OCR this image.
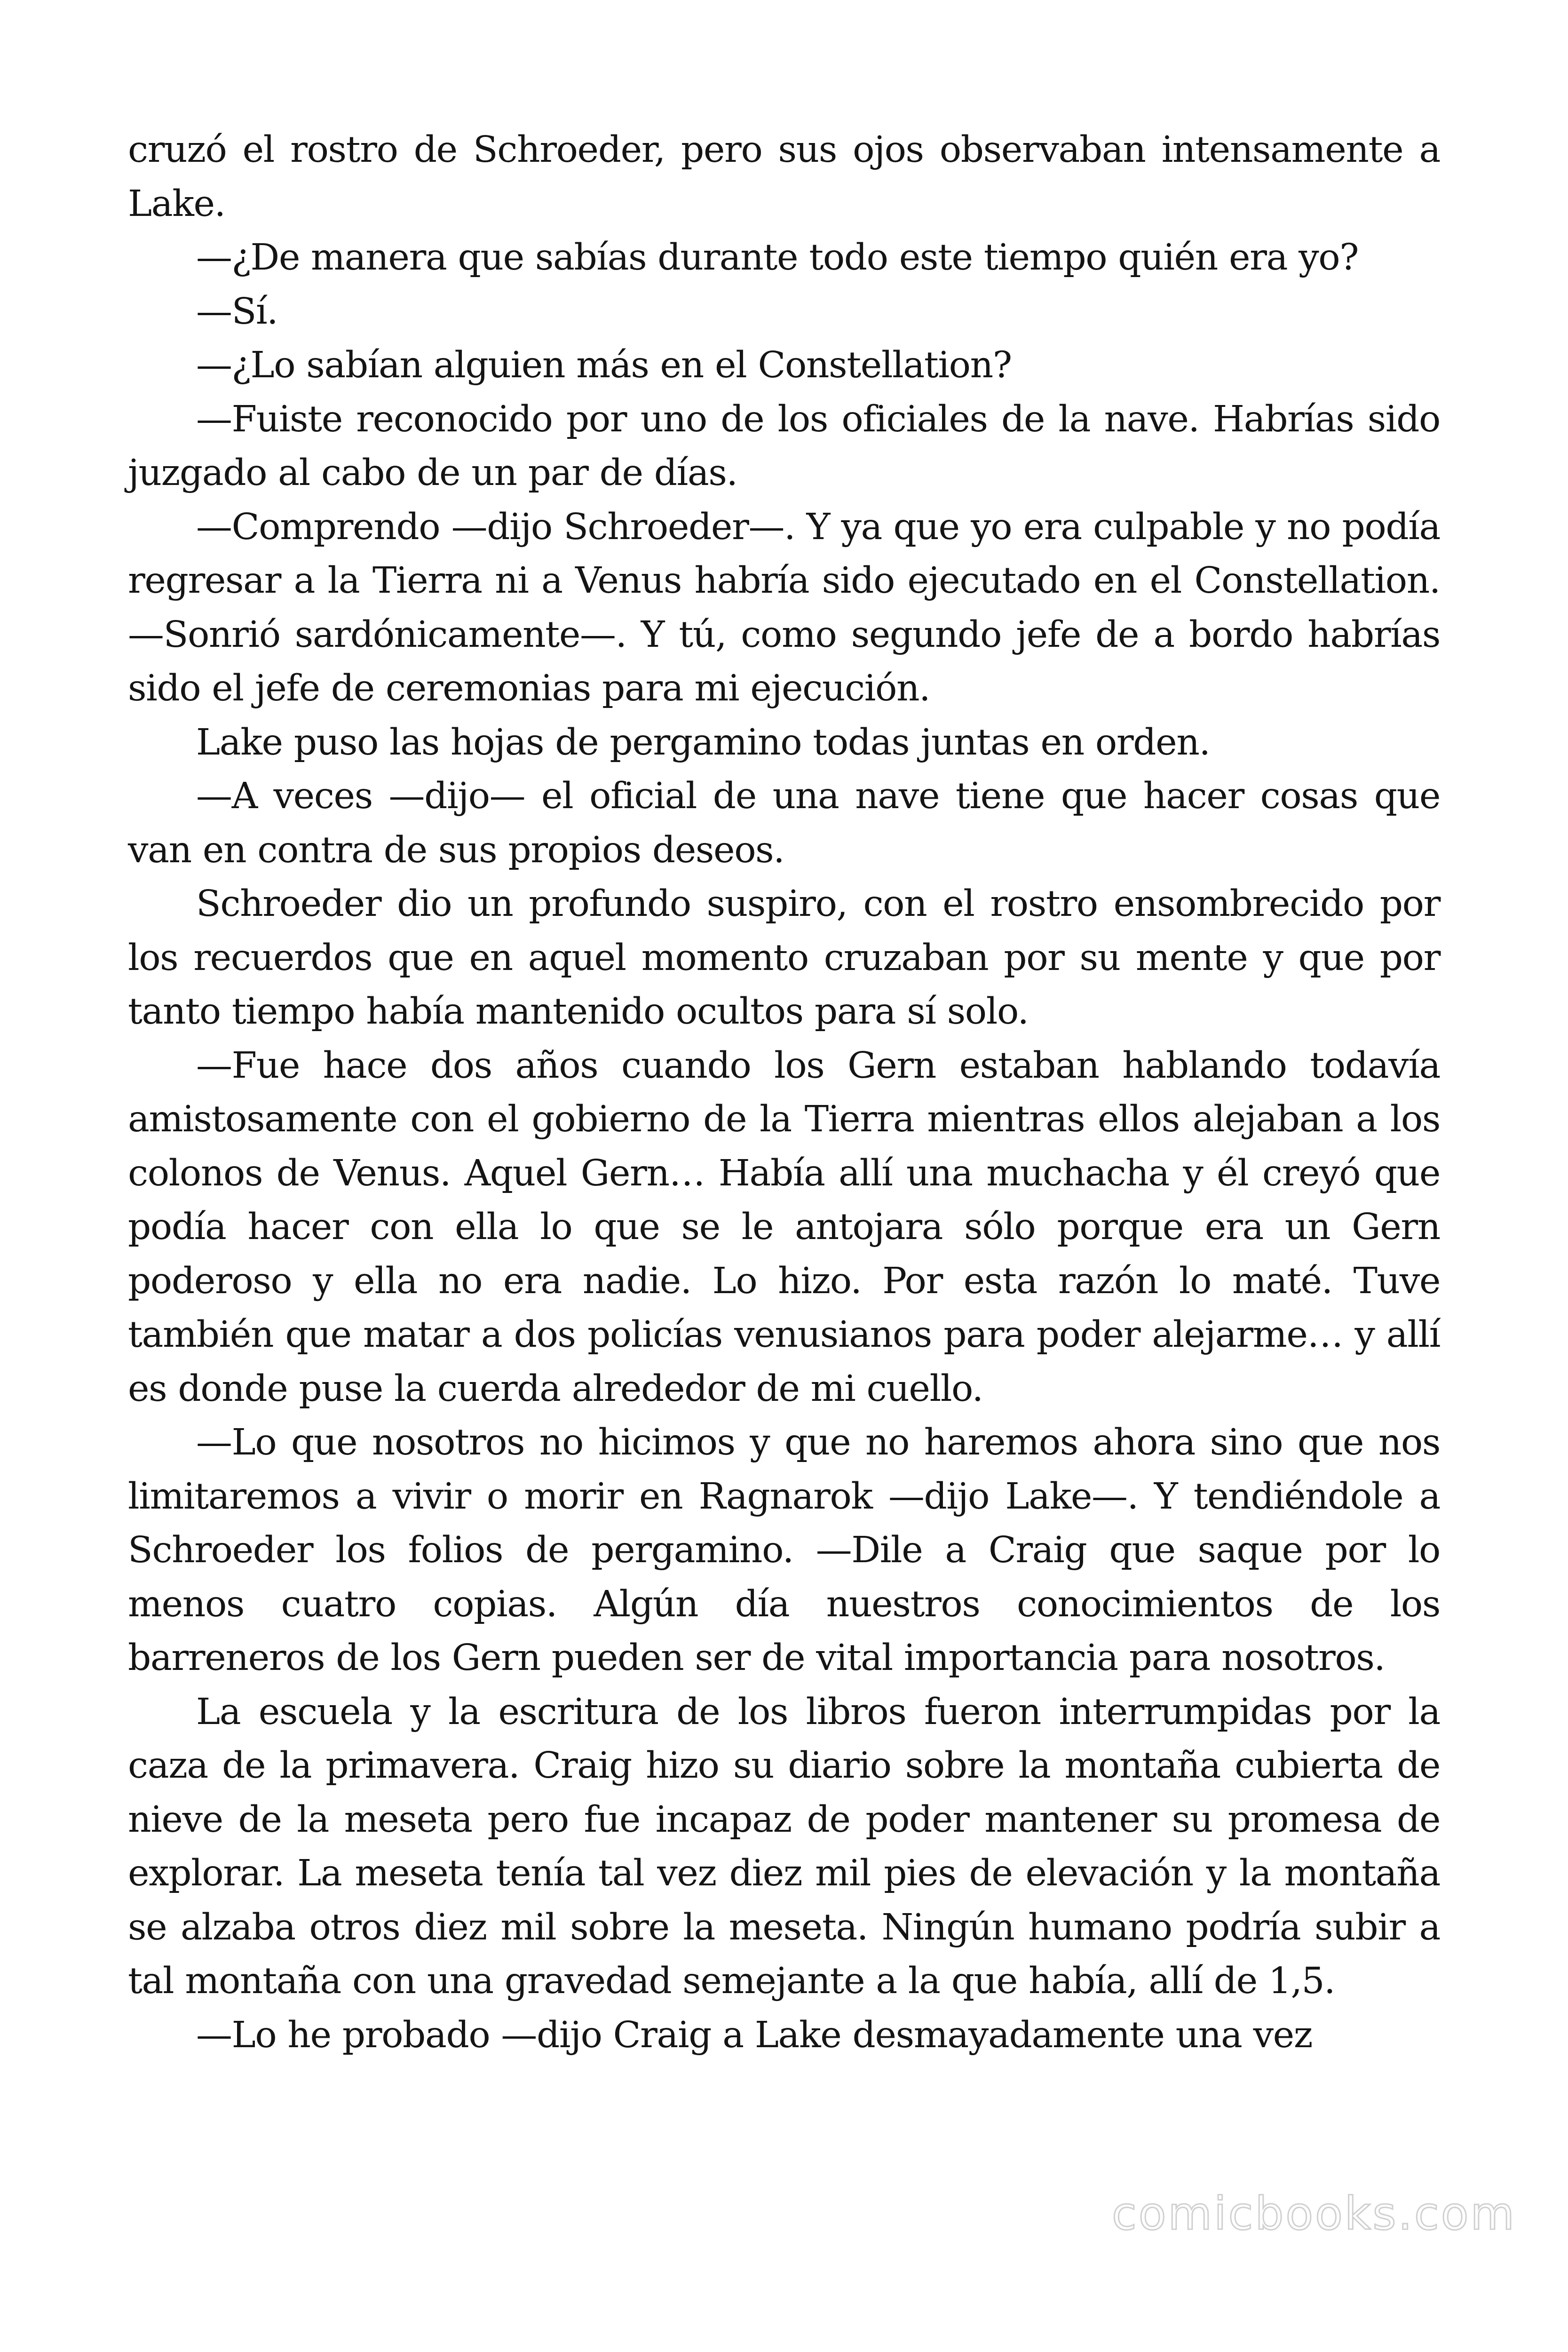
cruzó el rostro de Schroeder, pero sus ojos observaban intensamente a Lake.

—¿De manera que sabías durante todo este tiempo quién era yo?

—Sí.

—¿Lo sabían alguien más en el Constellation?

—Fuiste reconocido por uno de los oficiales de la nave. Habrías sido juzgado al cabo de un par de días.

—Comprendo —dijo Schroeder—. Y ya que yo era culpable y no podía regresar a la Tierra ni a Venus habría sido ejecutado en el Constellation. —Sonrió sardónicamente—. Y tú, como segundo jefe de a bordo habrías sido el jefe de ceremonias para mi ejecución.

Lake puso las hojas de pergamino todas juntas en orden.

—A veces —dijo— el oficial de una nave tiene que hacer cosas que van en contra de sus propios deseos.

Schroeder dio un profundo suspiro, con el rostro ensombrecido por los recuerdos que en aquel momento cruzaban por su mente y que por tanto tiempo había mantenido ocultos para sí solo.

—Fue hace dos años cuando los Gern estaban hablando todavía amistosamente con el gobierno de la Tierra mientras ellos alejaban a los colonos de Venus. Aquel Gern… Había allí una muchacha y él creyó que podía hacer con ella lo que se le antojara sólo porque era un Gern poderoso y ella no era nadie. Lo hizo. Por esta razón lo maté. Tuve también que matar a dos policías venusianos para poder alejarme… y allí es donde puse la cuerda alrededor de mi cuello.

—Lo que nosotros no hicimos y que no haremos ahora sino que nos limitaremos a vivir o morir en Ragnarok —dijo Lake—. Y tendiéndole a Schroeder los folios de pergamino. —Dile a Craig que saque por lo menos cuatro copias. Algún día nuestros conocimientos de los barreneros de los Gern pueden ser de vital importancia para nosotros.

La escuela y la escritura de los libros fueron interrumpidas por la caza de la primavera. Craig hizo su diario sobre la montaña cubierta de nieve de la meseta pero fue incapaz de poder mantener su promesa de explorar. La meseta tenía tal vez diez mil pies de elevación y la montaña se alzaba otros diez mil sobre la meseta. Ningún humano podría subir a tal montaña con una gravedad semejante a la que había, allí de 1,5.

—Lo he probado —dijo Craig a Lake desmayadamente una vez

comicbooks.com
